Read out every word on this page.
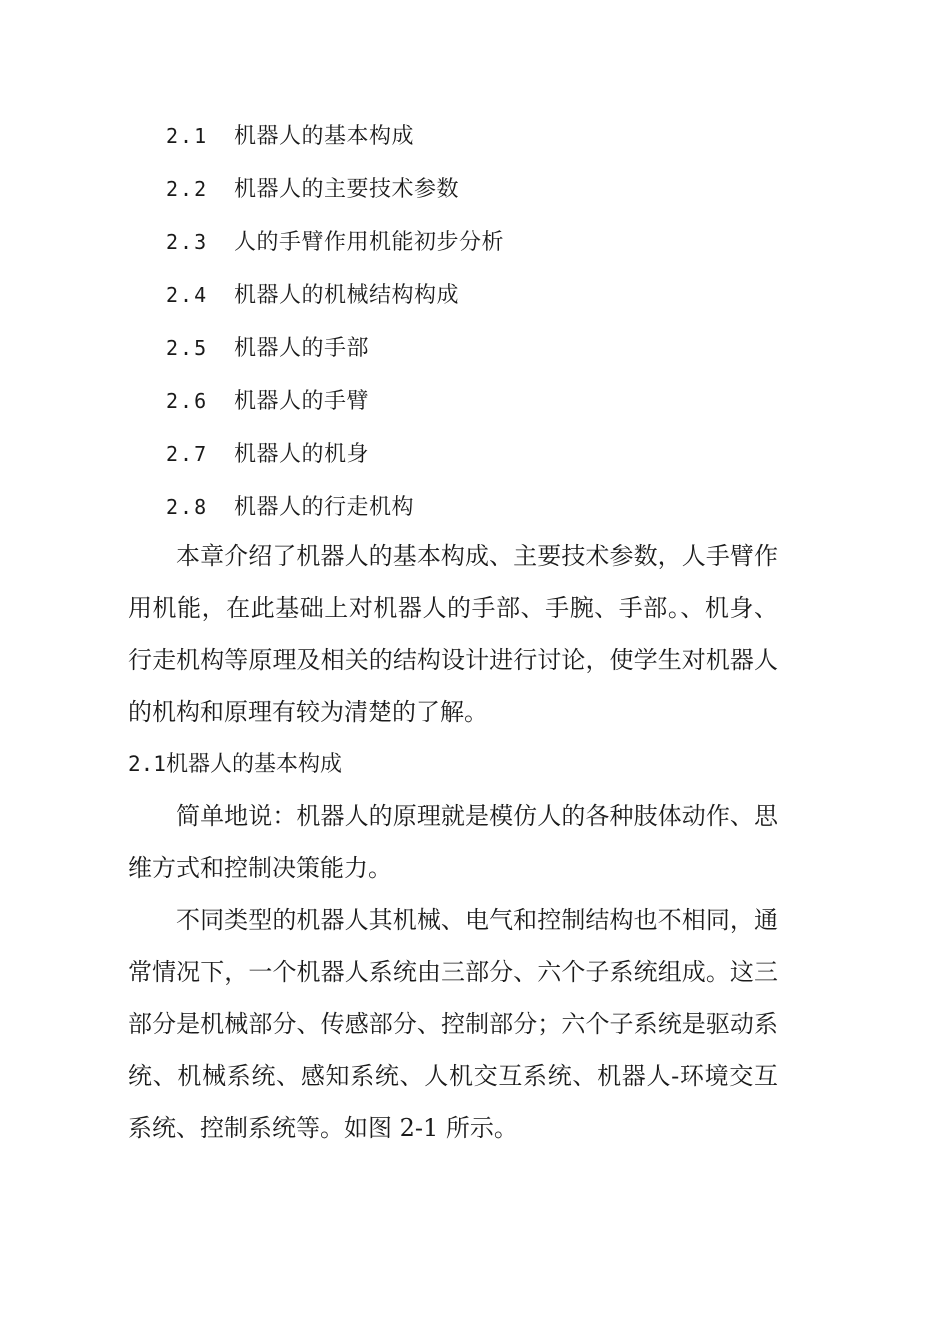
2.1	机器人的基本构成
2.2	机器人的主要技术参数
2.3	人的手臂作用机能初步分析
2.4	机器人的机械结构构成
2.5	机器人的手部
2.6	机器人的手臂
2.7	机器人的机身
2.8	机器人的行走机构

本章介绍了机器人的基本构成、主要技术参数，人手臂作用机能，在此基础上对机器人的手部、手腕、手部。、机身、行走机构等原理及相关的结构设计进行讨论，使学生对机器人的机构和原理有较为清楚的了解。

2.1机器人的基本构成

简单地说：机器人的原理就是模仿人的各种肢体动作、思维方式和控制决策能力。

不同类型的机器人其机械、电气和控制结构也不相同，通常情况下，一个机器人系统由三部分、六个子系统组成。这三部分是机械部分、传感部分、控制部分；六个子系统是驱动系统、机械系统、感知系统、人机交互系统、机器人-环境交互系统、控制系统等。如图 2-1 所示。
